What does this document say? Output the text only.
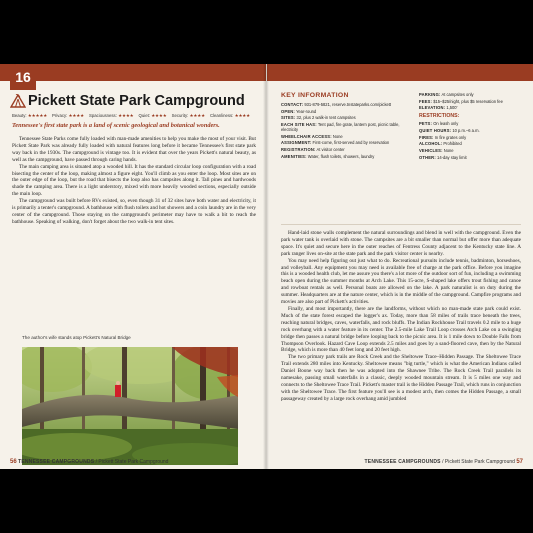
16
Pickett State Park Campground
Beauty: ★★★★★ Privacy: ★★★★ Spaciousness: ★★★★ Quiet: ★★★★ Security: ★★★★ Cleanliness: ★★★★
Tennessee's first state park is a land of scenic geological and botanical wonders.

Tennessee State Parks come fully loaded with man-made amenities to help you make the most of your visit. But Pickett State Park was already fully loaded with natural features long before it became Tennessee's first state park way back in the 1930s. The campground is vintage too. It is evident that over the years Pickett's natural beauty, as well as the campground, have passed through caring hands.

The main camping area is situated atop a wooded hill. It has the standard circular loop configuration with a road bisecting the center of the loop, making almost a figure eight. You'll climb as you enter the loop. Most sites are on the outer edge of the loop, but the road that bisects the loop also has campsites along it. Tall pines and hardwoods shade the camping area. There is a light understory, mixed with more heavily wooded sections, especially outside the main loop.

The campground was built before RVs existed, so, even though 31 of 32 sites have both water and electricity, it is primarily a tenter's campground. A bathhouse with flush toilets and hot showers and a coin laundry are in the very center of the campground. Those staying on the campground's perimeter may have to walk a bit to reach the bathhouse. Speaking of walking, don't forget about the two walk-in tent sites.

The author's wife stands atop Pickett's Natural Bridge
56 TENNESSEE CAMPGROUNDS / Pickett State Park Campground
KEY INFORMATION
CONTACT: 931-879-5821, reserve.tnstateparks.com/pickett
OPEN: Year-round
SITES: 32, plus 2 walk-in tent campsites
EACH SITE HAS: Tent pad, fire grate, lantern post, picnic table, electricity
WHEELCHAIR ACCESS: None
ASSIGNMENT: First-come, first-served and by reservation
REGISTRATION: At visitor center
AMENITIES: Water, flush toilets, showers, laundry
PARKING: At campsites only
FEES: $15–$25/night, plus $5 reservation fee
ELEVATION: 1,500'
RESTRICTIONS:
PETS: On leash only
QUIET HOURS: 10 p.m.–6 a.m.
FIRES: In fire grates only
ALCOHOL: Prohibited
VEHICLES: None
OTHER: 14-day stay limit

Hand-laid stone walls complement the natural surroundings and blend in well with the campground. Even the park water tank is overlaid with stone. The campsites are a bit smaller than normal but offer more than adequate space. It's quiet and secure here in the outer reaches of Fentress County adjacent to the Kentucky state line. A park ranger lives on-site at the state park and the park visitor center is nearby.

You may need help figuring out just what to do. Recreational pursuits include tennis, badminton, horseshoes, and volleyball. Any equipment you may need is available free of charge at the park office. Before you imagine this is a wooded health club, let me assure you there's a lot more of the outdoor sort of fun, including a swimming beach open during the summer months at Arch Lake. This 15-acre, S-shaped lake offers trout fishing and canoe and rowboat rentals as well. Personal boats are allowed on the lake. A park naturalist is on duty during the summer. Headquarters are at the nature center, which is in the middle of the campground. Campfire programs and movies are also part of Pickett's activities.

Finally, and most importantly, there are the landforms, without which no man-made state park could exist. Much of the state forest escaped the logger's ax. Today, more than 58 miles of trails trace beneath the trees, reaching natural bridges, caves, waterfalls, and rock bluffs. The Indian Rockhouse Trail travels 0.2 mile to a huge rock overhang with a water feature in its center. The 2.5-mile Lake Trail Loop crosses Arch Lake on a swinging bridge then passes a natural bridge before looping back to the picnic area. It is 1 mile down to Double Falls from Thompson Overlook. Hazard Cave Loop extends 2.5 miles and goes by a sand-floored cave, then by the Natural Bridge, which is more than 40 feet long and 20 feet high.

The two primary park trails are Rock Creek and the Sheltowee Trace–Hidden Passage. The Sheltowee Trace Trail extends 280 miles into Kentucky. Sheltowee means "big turtle," which is what the American Indians called Daniel Boone way back then he was adopted into the Shawnee Tribe. The Rock Creek Trail parallels its namesake, passing small waterfalls in a classic, deeply wooded mountain stream. It is 5 miles one way and connects to the Sheltowee Trace Trail. Pickett's master trail is the Hidden Passage Trail, which runs in conjunction with the Sheltowee Trace. The first feature you'll see is a modest arch, then comes the Hidden Passage, a small passageway created by a large rock overhang amid jumbled

TENNESSEE CAMPGROUNDS / Pickett State Park Campground 57
